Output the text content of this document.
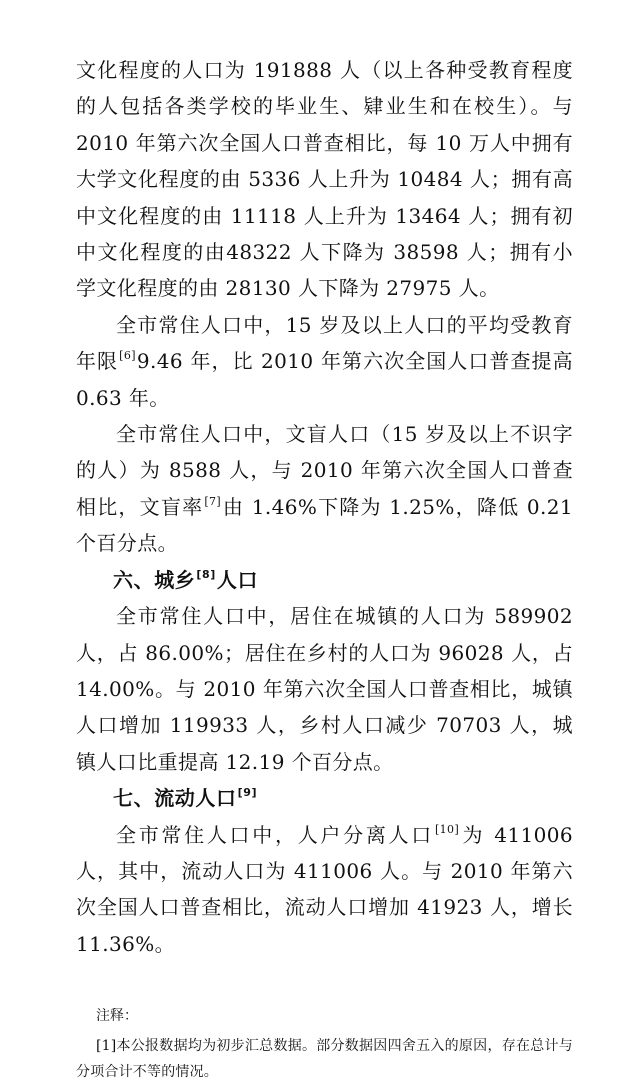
文化程度的人口为 191888 人（以上各种受教育程度的人包括各类学校的毕业生、肄业生和在校生）。与 2010 年第六次全国人口普查相比，每 10 万人中拥有大学文化程度的由 5336 人上升为 10484 人；拥有高中文化程度的由 11118 人上升为 13464 人；拥有初中文化程度的由48322 人下降为 38598 人；拥有小学文化程度的由 28130 人下降为 27975 人。

全市常住人口中，15 岁及以上人口的平均受教育年限[6]9.46 年，比 2010 年第六次全国人口普查提高 0.63 年。

全市常住人口中，文盲人口（15 岁及以上不识字的人）为 8588 人，与 2010 年第六次全国人口普查相比，文盲率[7]由 1.46%下降为 1.25%，降低 0.21 个百分点。

六、城乡[8]人口

全市常住人口中，居住在城镇的人口为 589902 人，占 86.00%；居住在乡村的人口为 96028 人，占 14.00%。与 2010 年第六次全国人口普查相比，城镇人口增加 119933 人，乡村人口减少 70703 人，城镇人口比重提高 12.19 个百分点。

七、流动人口[9]

全市常住人口中，人户分离人口[10]为 411006 人，其中，流动人口为 411006 人。与 2010 年第六次全国人口普查相比，流动人口增加 41923 人，增长 11.36%。

注释：

[1]本公报数据均为初步汇总数据。部分数据因四舍五入的原因，存在总计与分项合计不等的情况。
